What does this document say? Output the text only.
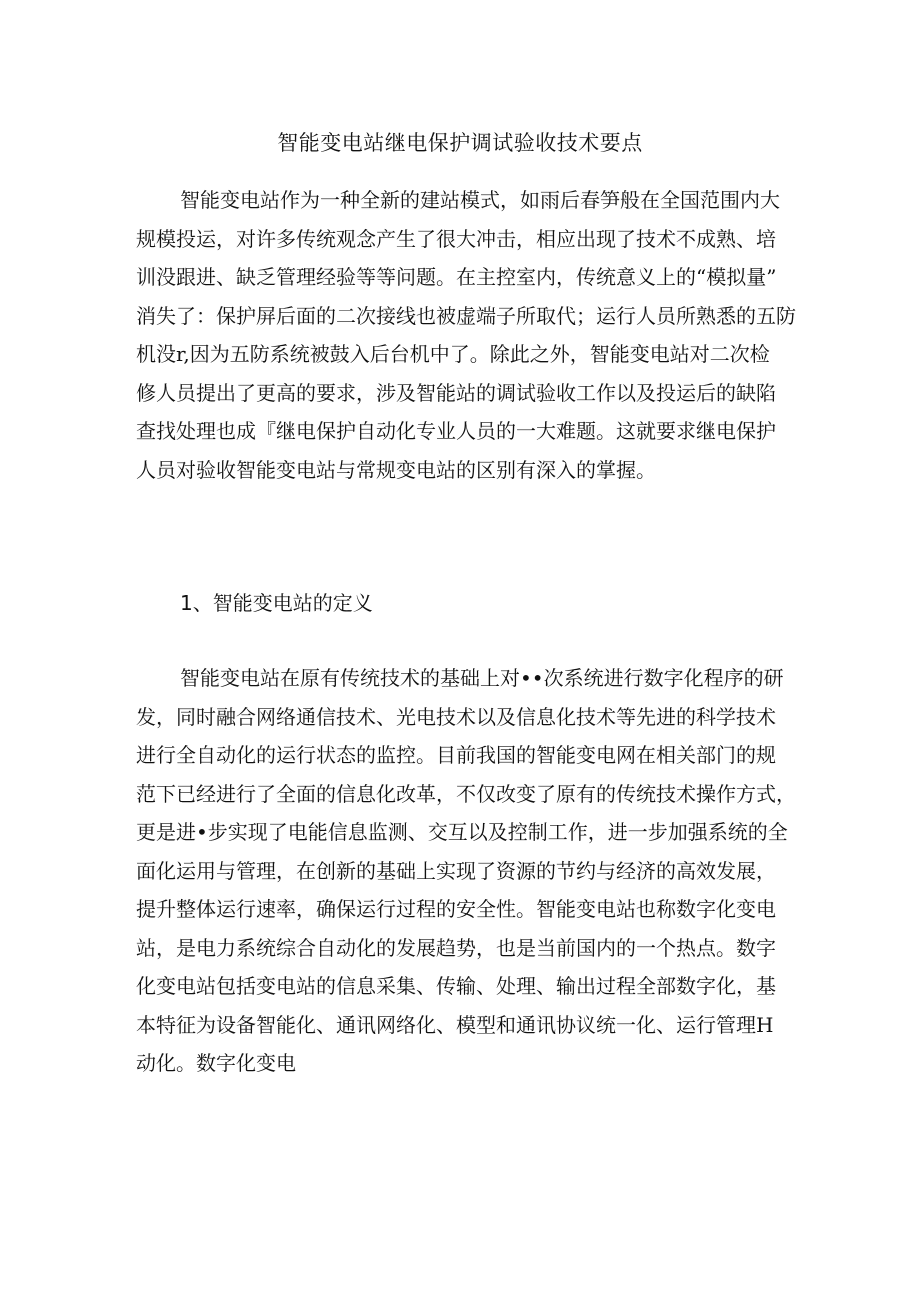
智能变电站继电保护调试验收技术要点
智能变电站作为一种全新的建站模式，如雨后春笋般在全国范围内大
规模投运，对许多传统观念产生了很大冲击，相应出现了技术不成熟、培
训没跟进、缺乏管理经验等等问题。在主控室内，传统意义上的“模拟量”
消失了：保护屏后面的二次接线也被虚端子所取代；运行人员所熟悉的五防
机没r,因为五防系统被鼓入后台机中了。除此之外，智能变电站对二次检
修人员提出了更高的要求，涉及智能站的调试验收工作以及投运后的缺陷
查找处理也成『继电保护自动化专业人员的一大难题。这就要求继电保护
人员对验收智能变电站与常规变电站的区别有深入的掌握。
1、智能变电站的定义
智能变电站在原有传统技术的基础上对••次系统进行数字化程序的研
发，同时融合网络通信技术、光电技术以及信息化技术等先进的科学技术
进行全自动化的运行状态的监控。目前我国的智能变电网在相关部门的规
范下已经进行了全面的信息化改革，不仅改变了原有的传统技术操作方式，
更是进•步实现了电能信息监测、交互以及控制工作，进一步加强系统的全
面化运用与管理，在创新的基础上实现了资源的节约与经济的高效发展，
提升整体运行速率，确保运行过程的安全性。智能变电站也称数字化变电
站，是电力系统综合自动化的发展趋势，也是当前国内的一个热点。数字
化变电站包括变电站的信息采集、传输、处理、输出过程全部数字化，基
本特征为设备智能化、通讯网络化、模型和通讯协议统一化、运行管理H
动化。数字化变电
